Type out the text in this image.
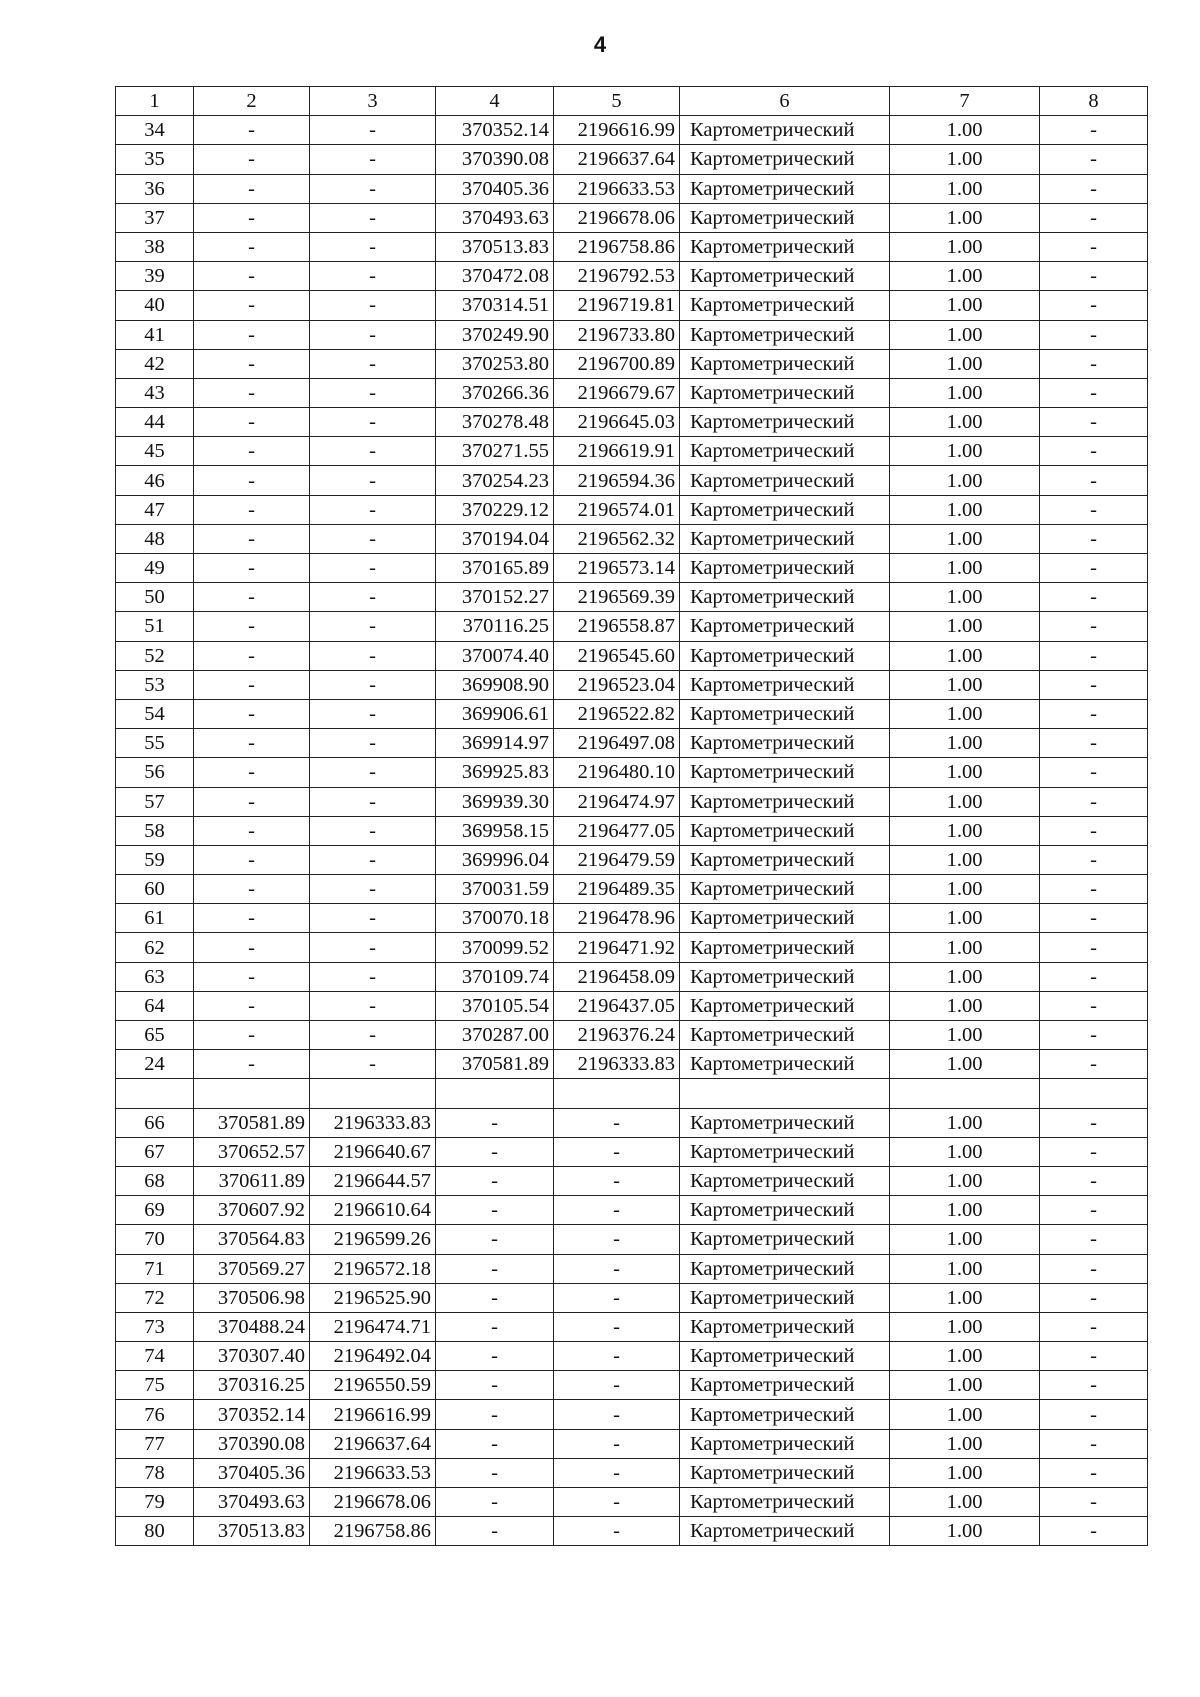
4
1	2	3	4	5	6	7	8
34	-	-	370352.14	2196616.99	Картометрический	1.00	-
35	-	-	370390.08	2196637.64	Картометрический	1.00	-
36	-	-	370405.36	2196633.53	Картометрический	1.00	-
37	-	-	370493.63	2196678.06	Картометрический	1.00	-
38	-	-	370513.83	2196758.86	Картометрический	1.00	-
39	-	-	370472.08	2196792.53	Картометрический	1.00	-
40	-	-	370314.51	2196719.81	Картометрический	1.00	-
41	-	-	370249.90	2196733.80	Картометрический	1.00	-
42	-	-	370253.80	2196700.89	Картометрический	1.00	-
43	-	-	370266.36	2196679.67	Картометрический	1.00	-
44	-	-	370278.48	2196645.03	Картометрический	1.00	-
45	-	-	370271.55	2196619.91	Картометрический	1.00	-
46	-	-	370254.23	2196594.36	Картометрический	1.00	-
47	-	-	370229.12	2196574.01	Картометрический	1.00	-
48	-	-	370194.04	2196562.32	Картометрический	1.00	-
49	-	-	370165.89	2196573.14	Картометрический	1.00	-
50	-	-	370152.27	2196569.39	Картометрический	1.00	-
51	-	-	370116.25	2196558.87	Картометрический	1.00	-
52	-	-	370074.40	2196545.60	Картометрический	1.00	-
53	-	-	369908.90	2196523.04	Картометрический	1.00	-
54	-	-	369906.61	2196522.82	Картометрический	1.00	-
55	-	-	369914.97	2196497.08	Картометрический	1.00	-
56	-	-	369925.83	2196480.10	Картометрический	1.00	-
57	-	-	369939.30	2196474.97	Картометрический	1.00	-
58	-	-	369958.15	2196477.05	Картометрический	1.00	-
59	-	-	369996.04	2196479.59	Картометрический	1.00	-
60	-	-	370031.59	2196489.35	Картометрический	1.00	-
61	-	-	370070.18	2196478.96	Картометрический	1.00	-
62	-	-	370099.52	2196471.92	Картометрический	1.00	-
63	-	-	370109.74	2196458.09	Картометрический	1.00	-
64	-	-	370105.54	2196437.05	Картометрический	1.00	-
65	-	-	370287.00	2196376.24	Картометрический	1.00	-
24	-	-	370581.89	2196333.83	Картометрический	1.00	-

66	370581.89	2196333.83	-	-	Картометрический	1.00	-
67	370652.57	2196640.67	-	-	Картометрический	1.00	-
68	370611.89	2196644.57	-	-	Картометрический	1.00	-
69	370607.92	2196610.64	-	-	Картометрический	1.00	-
70	370564.83	2196599.26	-	-	Картометрический	1.00	-
71	370569.27	2196572.18	-	-	Картометрический	1.00	-
72	370506.98	2196525.90	-	-	Картометрический	1.00	-
73	370488.24	2196474.71	-	-	Картометрический	1.00	-
74	370307.40	2196492.04	-	-	Картометрический	1.00	-
75	370316.25	2196550.59	-	-	Картометрический	1.00	-
76	370352.14	2196616.99	-	-	Картометрический	1.00	-
77	370390.08	2196637.64	-	-	Картометрический	1.00	-
78	370405.36	2196633.53	-	-	Картометрический	1.00	-
79	370493.63	2196678.06	-	-	Картометрический	1.00	-
80	370513.83	2196758.86	-	-	Картометрический	1.00	-
